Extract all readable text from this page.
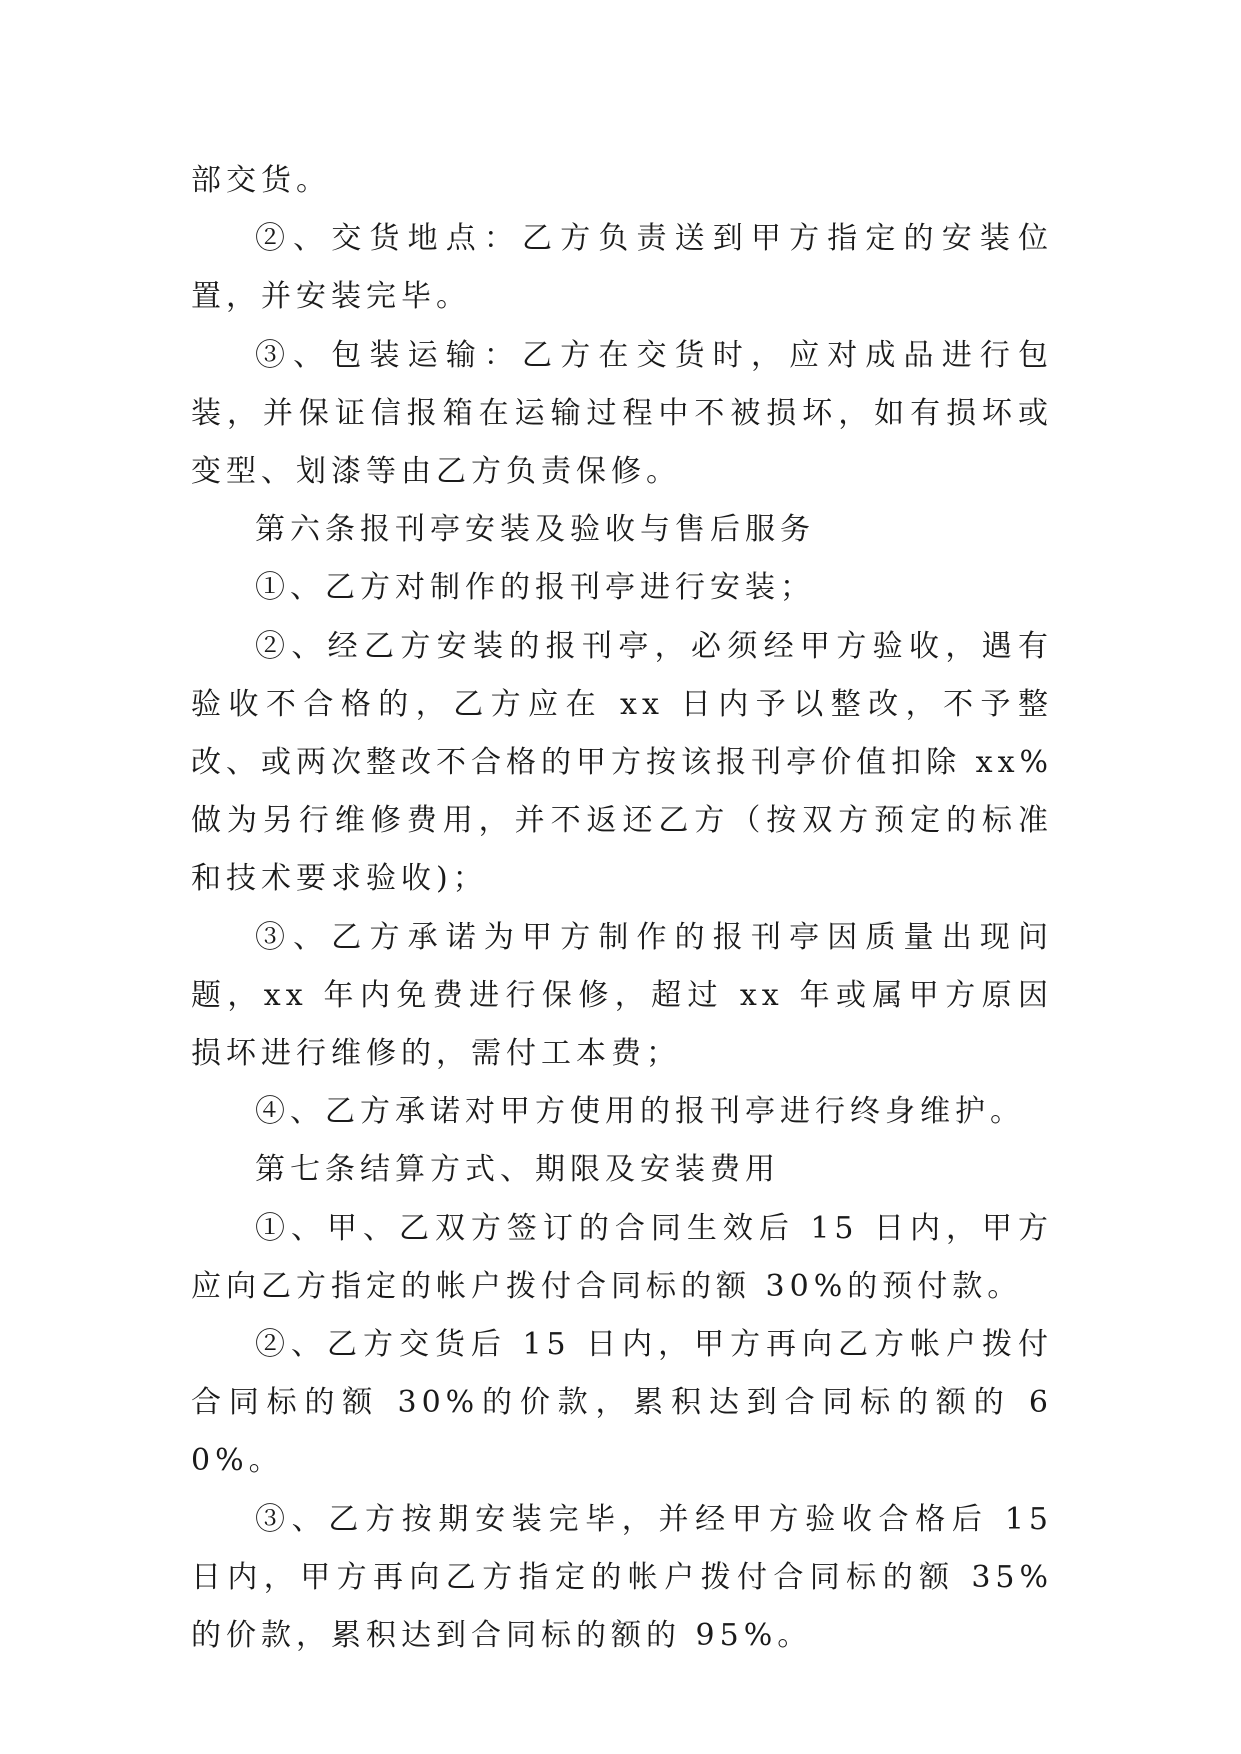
部交货。

②、交货地点：乙方负责送到甲方指定的安装位置，并安装完毕。

③、包装运输：乙方在交货时，应对成品进行包装，并保证信报箱在运输过程中不被损坏，如有损坏或变型、划漆等由乙方负责保修。

第六条报刊亭安装及验收与售后服务

①、乙方对制作的报刊亭进行安装；

②、经乙方安装的报刊亭，必须经甲方验收，遇有验收不合格的，乙方应在 xx 日内予以整改，不予整改、或两次整改不合格的甲方按该报刊亭价值扣除 xx%做为另行维修费用，并不返还乙方（按双方预定的标准和技术要求验收)；

③、乙方承诺为甲方制作的报刊亭因质量出现问题，xx 年内免费进行保修，超过 xx 年或属甲方原因损坏进行维修的，需付工本费；

④、乙方承诺对甲方使用的报刊亭进行终身维护。

第七条结算方式、期限及安装费用

①、甲、乙双方签订的合同生效后 15 日内，甲方应向乙方指定的帐户拨付合同标的额 30%的预付款。

②、乙方交货后 15 日内，甲方再向乙方帐户拨付合同标的额 30%的价款，累积达到合同标的额的 60%。

③、乙方按期安装完毕，并经甲方验收合格后 15 日内，甲方再向乙方指定的帐户拨付合同标的额 35%的价款，累积达到合同标的额的 95%。
